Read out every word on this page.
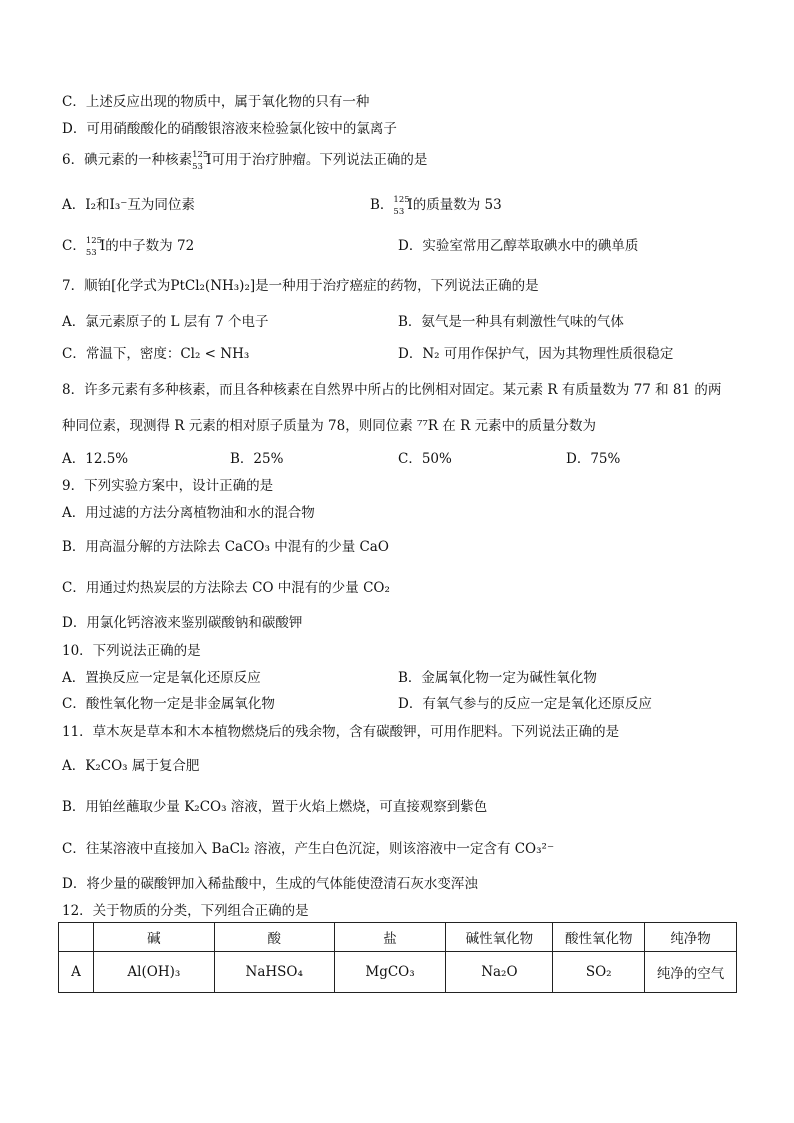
C．上述反应出现的物质中，属于氧化物的只有一种
D．可用硝酸酸化的硝酸银溶液来检验氯化铵中的氯离子
6．碘元素的一种核素 125
53 I可用于治疗肿瘤。下列说法正确的是
A．I₂和I₃⁻互为同位素	B． 125
53 I的质量数为 53
C． 125
53 I的中子数为 72	D．实验室常用乙醇萃取碘水中的碘单质
7．顺铂[化学式为PtCl₂(NH₃)₂]是一种用于治疗癌症的药物，下列说法正确的是
A．氯元素原子的 L 层有 7 个电子	B．氨气是一种具有刺激性气味的气体
C．常温下，密度：Cl₂ < NH₃	D．N₂ 可用作保护气，因为其物理性质很稳定
8．许多元素有多种核素，而且各种核素在自然界中所占的比例相对固定。某元素 R 有质量数为 77 和 81 的两
种同位素，现测得 R 元素的相对原子质量为 78，则同位素 ⁷⁷R 在 R 元素中的质量分数为
A．12.5%	B．25%	C．50%	D．75%
9．下列实验方案中，设计正确的是
A．用过滤的方法分离植物油和水的混合物
B．用高温分解的方法除去 CaCO₃ 中混有的少量 CaO
C．用通过灼热炭层的方法除去 CO 中混有的少量 CO₂
D．用氯化钙溶液来鉴别碳酸钠和碳酸钾
10．下列说法正确的是
A．置换反应一定是氧化还原反应	B．金属氧化物一定为碱性氧化物
C．酸性氧化物一定是非金属氧化物	D．有氧气参与的反应一定是氧化还原反应
11．草木灰是草本和木本植物燃烧后的残余物，含有碳酸钾，可用作肥料。下列说法正确的是
A．K₂CO₃ 属于复合肥
B．用铂丝蘸取少量 K₂CO₃ 溶液，置于火焰上燃烧，可直接观察到紫色
C．往某溶液中直接加入 BaCl₂ 溶液，产生白色沉淀，则该溶液中一定含有 CO₃²⁻
D．将少量的碳酸钾加入稀盐酸中，生成的气体能使澄清石灰水变浑浊
12．关于物质的分类，下列组合正确的是
	碱	酸	盐	碱性氧化物	酸性氧化物	纯净物
A	Al(OH)₃	NaHSO₄	MgCO₃	Na₂O	SO₂	纯净的空气
